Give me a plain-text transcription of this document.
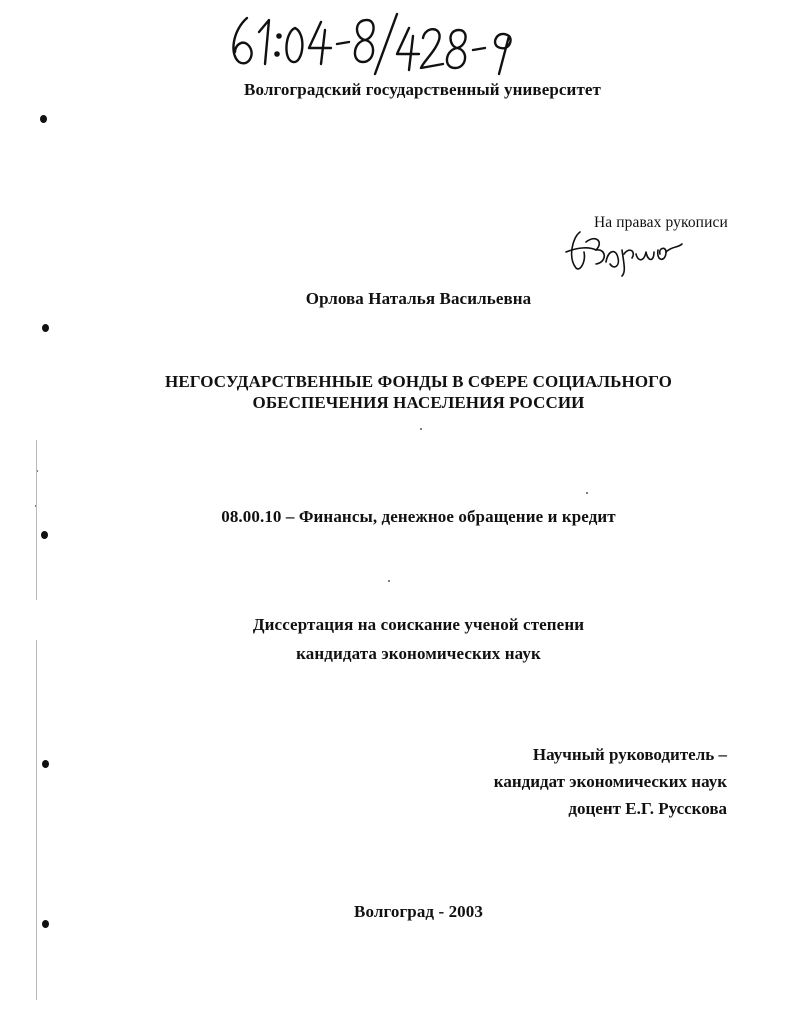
Волгоградский государственный университет
На правах рукописи
Орлова Наталья Васильевна
НЕГОСУДАРСТВЕННЫЕ ФОНДЫ В СФЕРЕ СОЦИАЛЬНОГО
ОБЕСПЕЧЕНИЯ НАСЕЛЕНИЯ РОССИИ
08.00.10 – Финансы, денежное обращение и кредит
Диссертация на соискание ученой степени
кандидата экономических наук
Научный руководитель –
кандидат экономических наук
доцент Е.Г. Русскова
Волгоград - 2003
